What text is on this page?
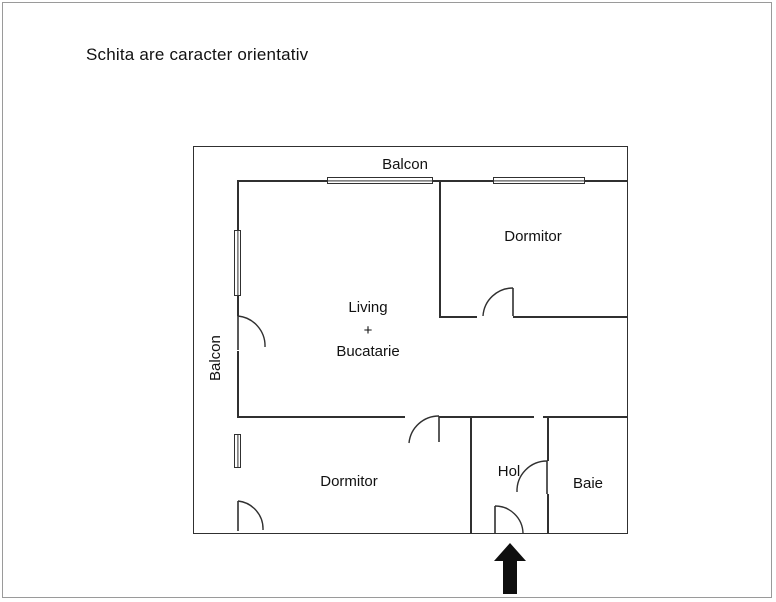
Schita are caracter orientativ
Balcon
Balcon
Dormitor
Living
+
Bucatarie
Dormitor
Hol
Baie
